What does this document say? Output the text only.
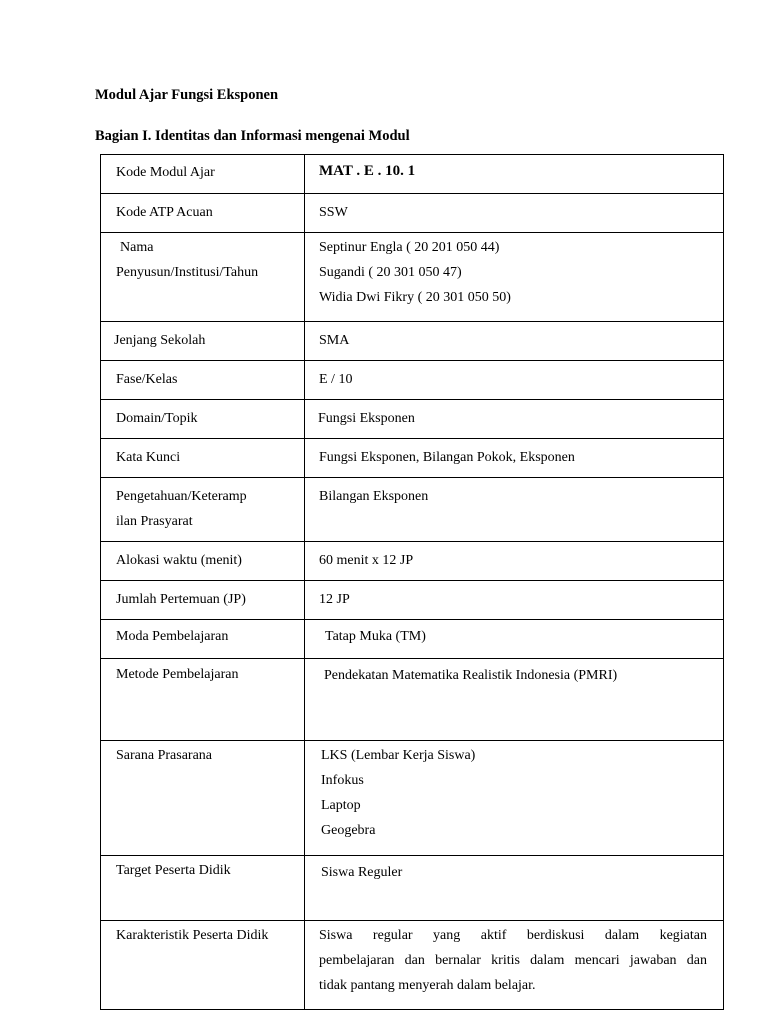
Modul Ajar Fungsi Eksponen
Bagian I. Identitas dan Informasi mengenai Modul
Kode Modul Ajar	MAT . E . 10. 1

Kode ATP Acuan	SSW

Nama
Penyusun/Institusi/Tahun	Septinur Engla ( 20 201 050 44)
Sugandi ( 20 301 050 47)
Widia Dwi Fikry ( 20 301 050 50)

Jenjang Sekolah	SMA

Fase/Kelas	E / 10

Domain/Topik	Fungsi Eksponen

Kata Kunci	Fungsi Eksponen, Bilangan Pokok, Eksponen

Pengetahuan/Keteramp
ilan Prasyarat	Bilangan Eksponen

Alokasi waktu (menit)	60 menit x 12 JP

Jumlah Pertemuan (JP)	12 JP

Moda Pembelajaran	Tatap Muka (TM)

Metode Pembelajaran	Pendekatan Matematika Realistik Indonesia (PMRI)

Sarana Prasarana	LKS (Lembar Kerja Siswa)
Infokus
Laptop
Geogebra

Target Peserta Didik	Siswa Reguler

Karakteristik Peserta Didik	Siswa regular yang aktif berdiskusi dalam kegiatan
pembelajaran dan bernalar kritis dalam mencari jawaban dan
tidak pantang menyerah dalam belajar.
